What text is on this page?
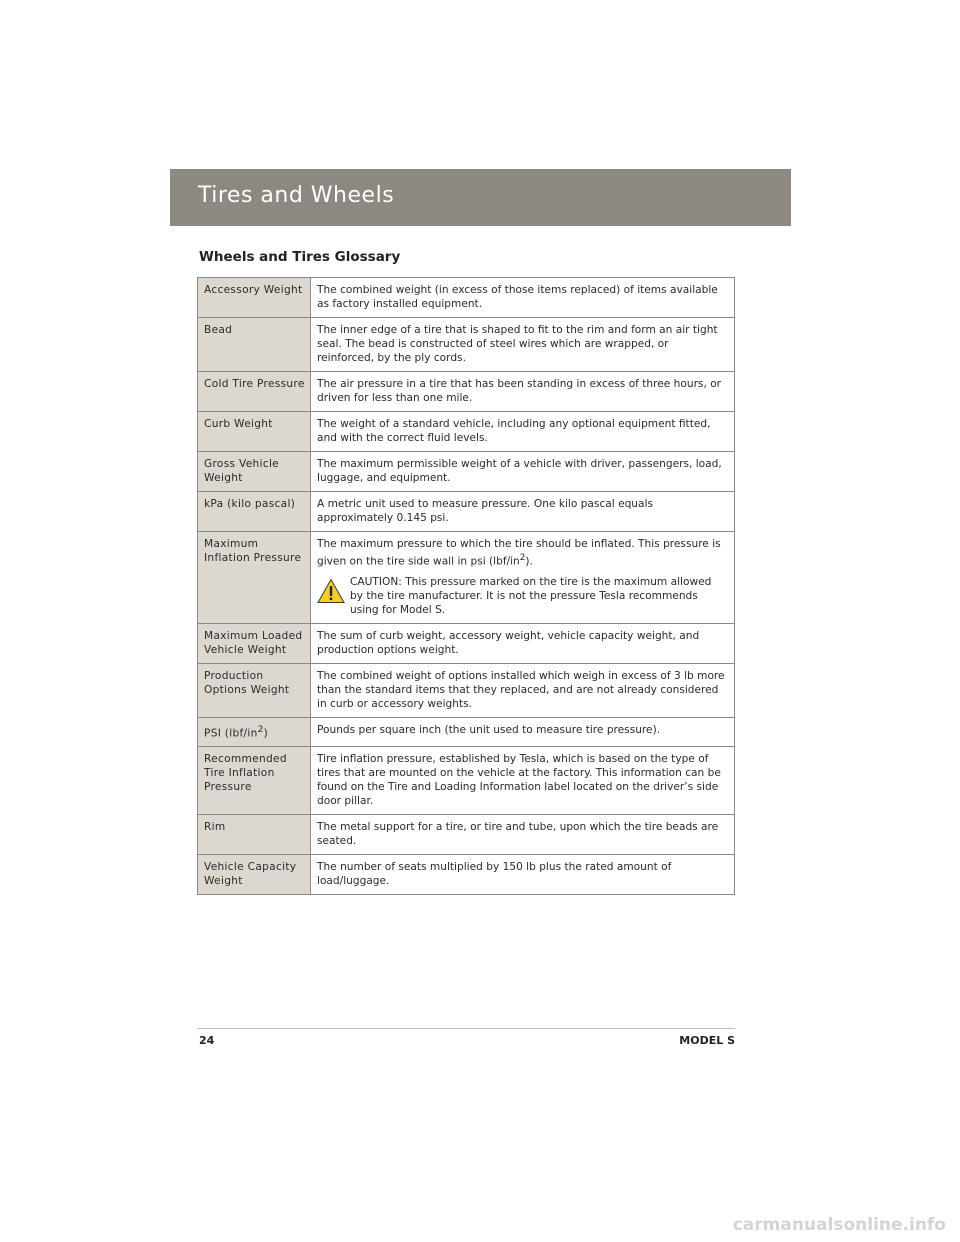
Tires and Wheels
Wheels and Tires Glossary
Accessory Weight	The combined weight (in excess of those items replaced) of items available as factory installed equipment.
Bead	The inner edge of a tire that is shaped to fit to the rim and form an air tight seal. The bead is constructed of steel wires which are wrapped, or reinforced, by the ply cords.
Cold Tire Pressure	The air pressure in a tire that has been standing in excess of three hours, or driven for less than one mile.
Curb Weight	The weight of a standard vehicle, including any optional equipment fitted, and with the correct fluid levels.
Gross Vehicle Weight	The maximum permissible weight of a vehicle with driver, passengers, load, luggage, and equipment.
kPa (kilo pascal)	A metric unit used to measure pressure. One kilo pascal equals approximately 0.145 psi.
Maximum Inflation Pressure	The maximum pressure to which the tire should be inflated. This pressure is given on the tire side wall in psi $(lbf/in^2)$.
CAUTION: This pressure marked on the tire is the maximum allowed by the tire manufacturer. It is not the pressure Tesla recommends using for Model S.

Maximum Loaded Vehicle Weight	The sum of curb weight, accessory weight, vehicle capacity weight, and production options weight.
Production Options Weight	The combined weight of options installed which weigh in excess of 3 lb more than the standard items that they replaced, and are not already considered in curb or accessory weights.
PSI $(lbf/in^2)$	Pounds per square inch (the unit used to measure tire pressure).
Recommended Tire Inflation Pressure	Tire inflation pressure, established by Tesla, which is based on the type of tires that are mounted on the vehicle at the factory. This information can be found on the Tire and Loading Information label located on the driver’s side door pillar.
Rim	The metal support for a tire, or tire and tube, upon which the tire beads are seated.
Vehicle Capacity Weight	The number of seats multiplied by 150 lb plus the rated amount of load/luggage.
24	MODEL S
carmanualsonline.info
